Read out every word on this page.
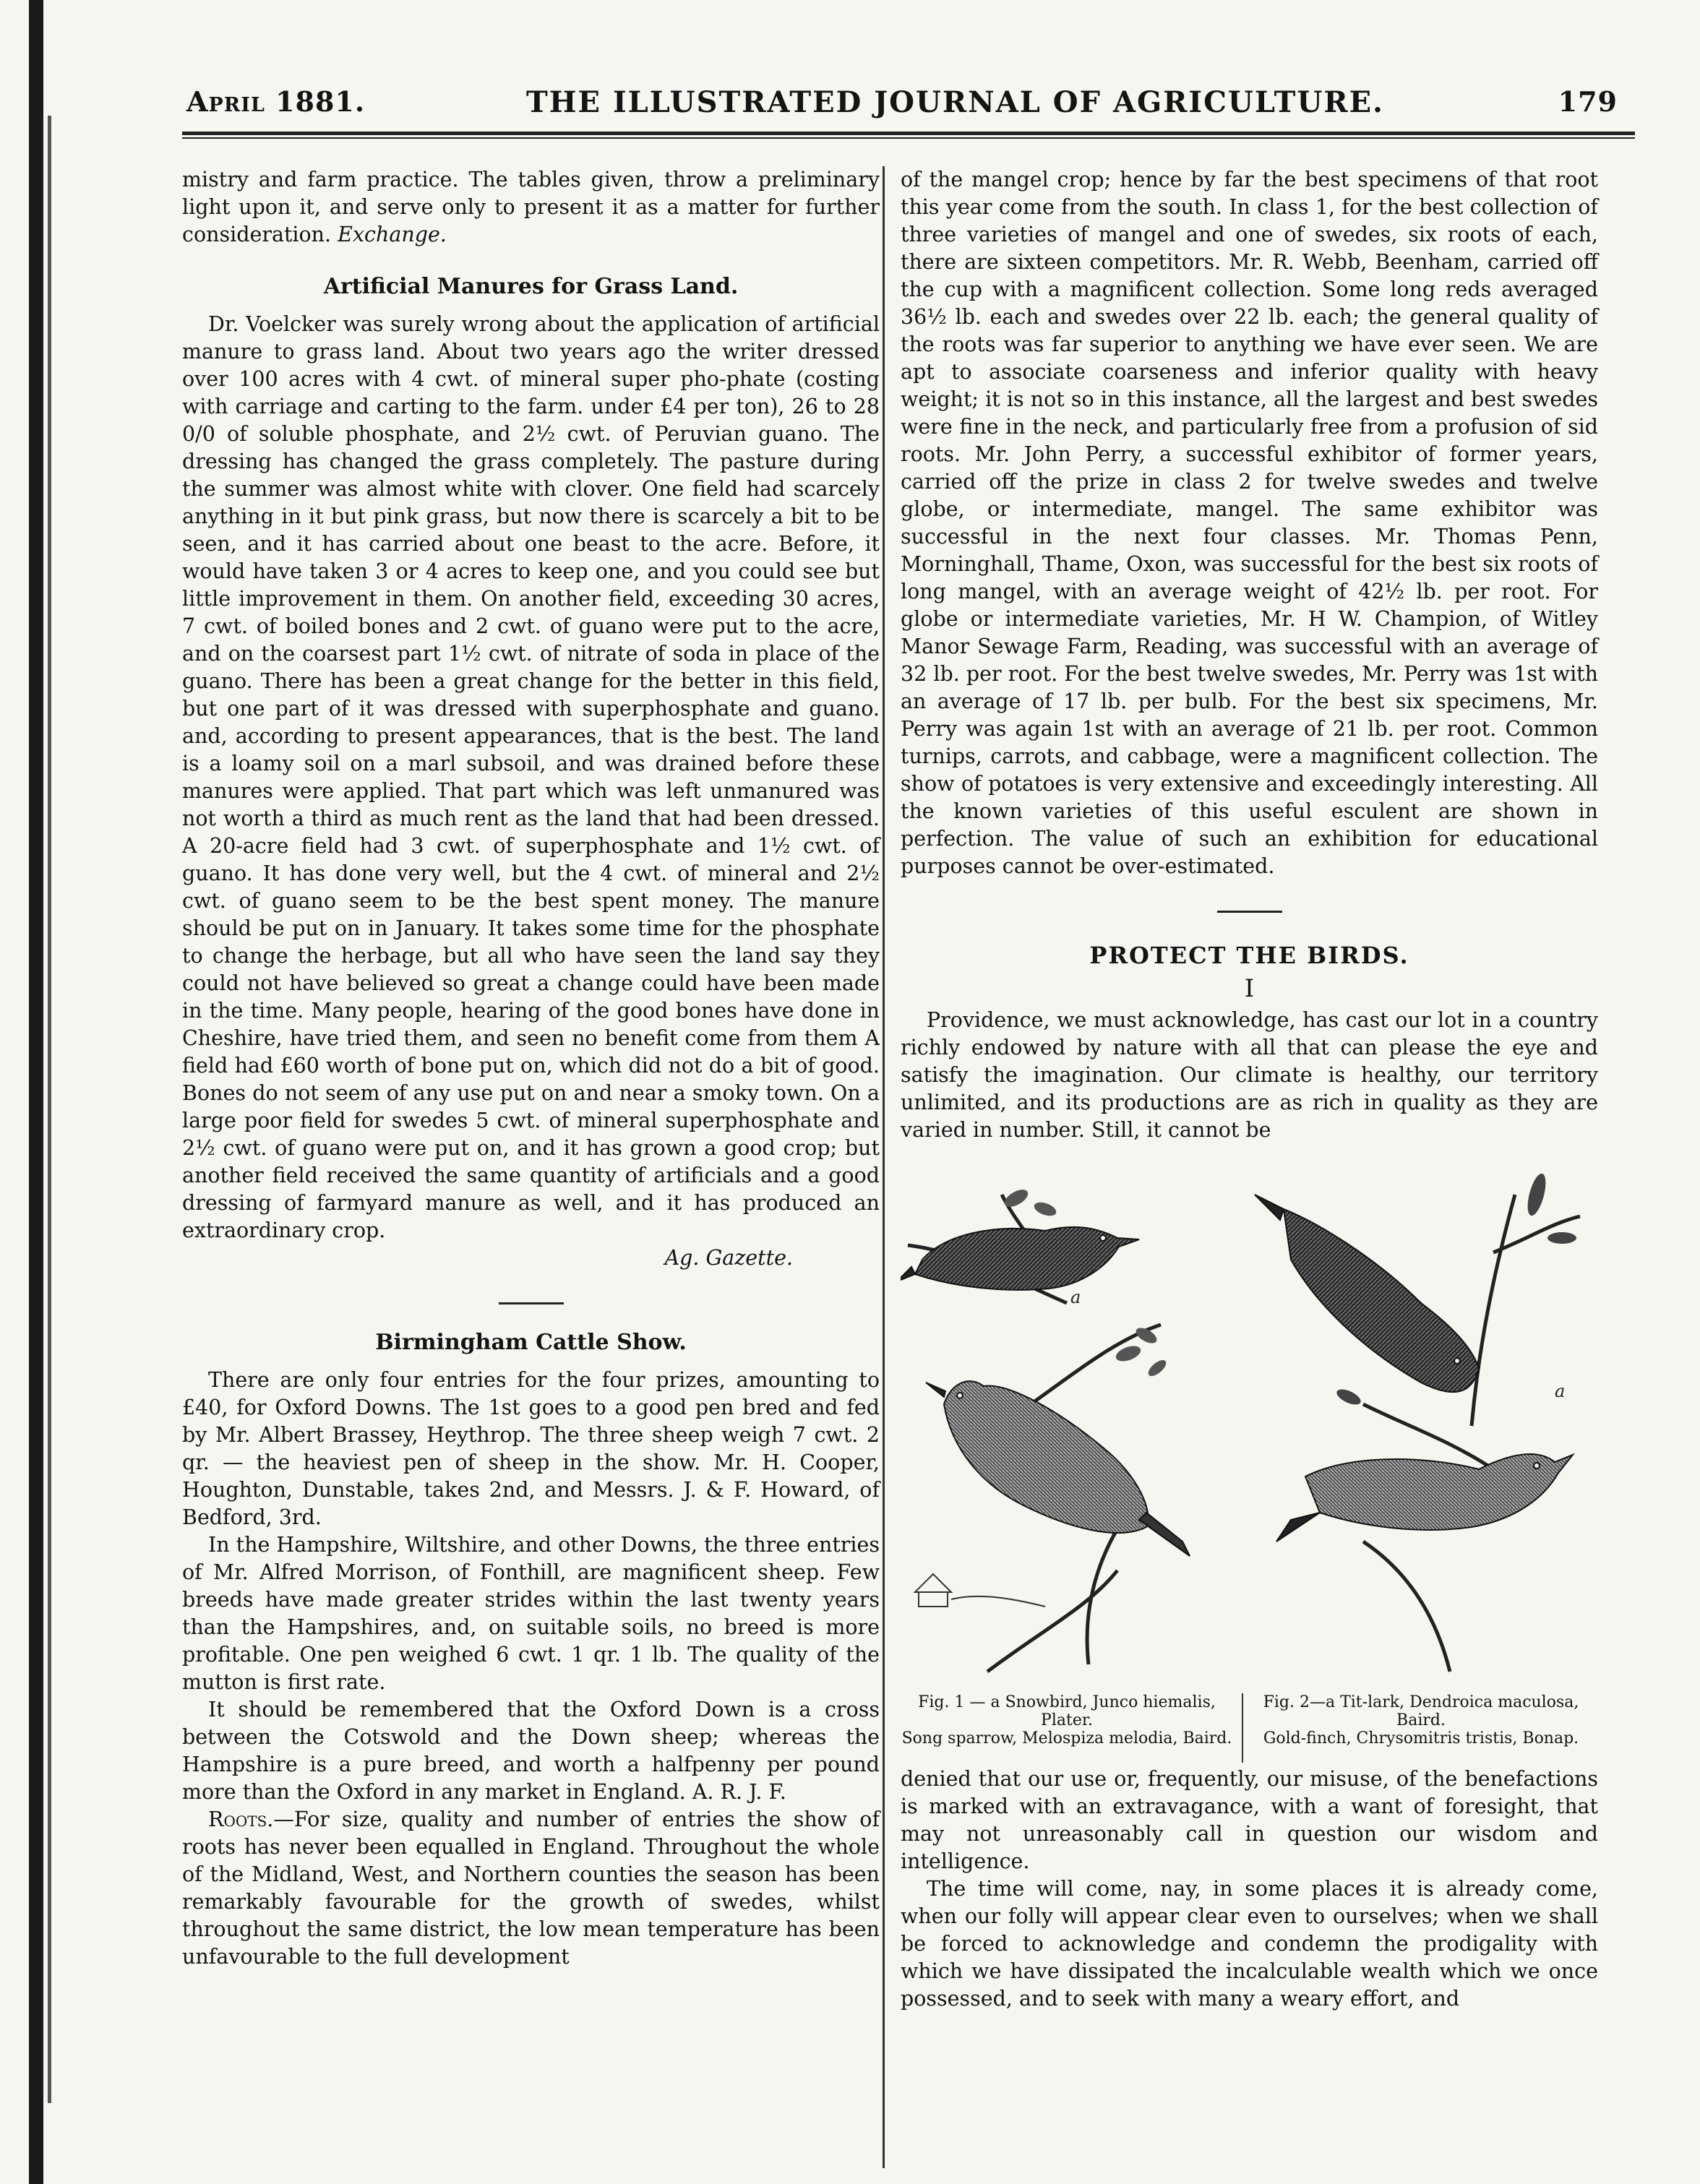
April 1881.	THE ILLUSTRATED JOURNAL OF AGRICULTURE.	179

mistry and farm practice. The tables given, throw a preliminary light upon it, and serve only to present it as a matter for further consideration. Exchange.

Artificial Manures for Grass Land.

Dr. Voelcker was surely wrong about the application of artificial manure to grass land. About two years ago the writer dressed over 100 acres with 4 cwt. of mineral super pho-phate (costing with carriage and carting to the farm. under £4 per ton), 26 to 28 0/0 of soluble phosphate, and 2½ cwt. of Peruvian guano. The dressing has changed the grass completely. The pasture during the summer was almost white with clover. One field had scarcely anything in it but pink grass, but now there is scarcely a bit to be seen, and it has carried about one beast to the acre. Before, it would have taken 3 or 4 acres to keep one, and you could see but little improvement in them. On another field, exceeding 30 acres, 7 cwt. of boiled bones and 2 cwt. of guano were put to the acre, and on the coarsest part 1½ cwt. of nitrate of soda in place of the guano. There has been a great change for the better in this field, but one part of it was dressed with superphosphate and guano. and, according to present appearances, that is the best. The land is a loamy soil on a marl subsoil, and was drained before these manures were applied. That part which was left unmanured was not worth a third as much rent as the land that had been dressed. A 20-acre field had 3 cwt. of superphosphate and 1½ cwt. of guano. It has done very well, but the 4 cwt. of mineral and 2½ cwt. of guano seem to be the best spent money. The manure should be put on in January. It takes some time for the phosphate to change the herbage, but all who have seen the land say they could not have believed so great a change could have been made in the time. Many people, hearing of the good bones have done in Cheshire, have tried them, and seen no benefit come from them A field had £60 worth of bone put on, which did not do a bit of good. Bones do not seem of any use put on and near a smoky town. On a large poor field for swedes 5 cwt. of mineral superphosphate and 2½ cwt. of guano were put on, and it has grown a good crop; but another field received the same quantity of artificials and a good dressing of farmyard manure as well, and it has produced an extraordinary crop.

Ag. Gazette.
Birmingham Cattle Show.

There are only four entries for the four prizes, amounting to £40, for Oxford Downs. The 1st goes to a good pen bred and fed by Mr. Albert Brassey, Heythrop. The three sheep weigh 7 cwt. 2 qr. — the heaviest pen of sheep in the show. Mr. H. Cooper, Houghton, Dunstable, takes 2nd, and Messrs. J. & F. Howard, of Bedford, 3rd.

In the Hampshire, Wiltshire, and other Downs, the three entries of Mr. Alfred Morrison, of Fonthill, are magnificent sheep. Few breeds have made greater strides within the last twenty years than the Hampshires, and, on suitable soils, no breed is more profitable. One pen weighed 6 cwt. 1 qr. 1 lb. The quality of the mutton is first rate.

It should be remembered that the Oxford Down is a cross between the Cotswold and the Down sheep; whereas the Hampshire is a pure breed, and worth a halfpenny per pound more than the Oxford in any market in England. A. R. J. F.

Roots.—For size, quality and number of entries the show of roots has never been equalled in England. Throughout the whole of the Midland, West, and Northern counties the season has been remarkably favourable for the growth of swedes, whilst throughout the same district, the low mean temperature has been unfavourable to the full development

of the mangel crop; hence by far the best specimens of that root this year come from the south. In class 1, for the best collection of three varieties of mangel and one of swedes, six roots of each, there are sixteen competitors. Mr. R. Webb, Beenham, carried off the cup with a magnificent collection. Some long reds averaged 36½ lb. each and swedes over 22 lb. each; the general quality of the roots was far superior to anything we have ever seen. We are apt to associate coarseness and inferior quality with heavy weight; it is not so in this instance, all the largest and best swedes were fine in the neck, and particularly free from a profusion of sid roots. Mr. John Perry, a successful exhibitor of former years, carried off the prize in class 2 for twelve swedes and twelve globe, or intermediate, mangel. The same exhibitor was successful in the next four classes. Mr. Thomas Penn, Morninghall, Thame, Oxon, was successful for the best six roots of long mangel, with an average weight of 42½ lb. per root. For globe or intermediate varieties, Mr. H W. Champion, of Witley Manor Sewage Farm, Reading, was successful with an average of 32 lb. per root. For the best twelve swedes, Mr. Perry was 1st with an average of 17 lb. per bulb. For the best six specimens, Mr. Perry was again 1st with an average of 21 lb. per root. Common turnips, carrots, and cabbage, were a magnificent collection. The show of potatoes is very extensive and exceedingly interesting. All the known varieties of this useful esculent are shown in perfection. The value of such an exhibition for educational purposes cannot be over-estimated.

PROTECT THE BIRDS.
I

Providence, we must acknowledge, has cast our lot in a country richly endowed by nature with all that can please the eye and satisfy the imagination. Our climate is healthy, our territory unlimited, and its productions are as rich in quality as they are varied in number. Still, it cannot be

a
a
Fig. 1 — a Snowbird, Junco hiemalis, Plater.
Song sparrow, Melospiza melodia, Baird.
Fig. 2—a Tit-lark, Dendroica maculosa, Baird.
Gold-finch, Chrysomitris tristis, Bonap.

denied that our use or, frequently, our misuse, of the benefactions is marked with an extravagance, with a want of foresight, that may not unreasonably call in question our wisdom and intelligence.

The time will come, nay, in some places it is already come, when our folly will appear clear even to ourselves; when we shall be forced to acknowledge and condemn the prodigality with which we have dissipated the incalculable wealth which we once possessed, and to seek with many a weary effort, and
